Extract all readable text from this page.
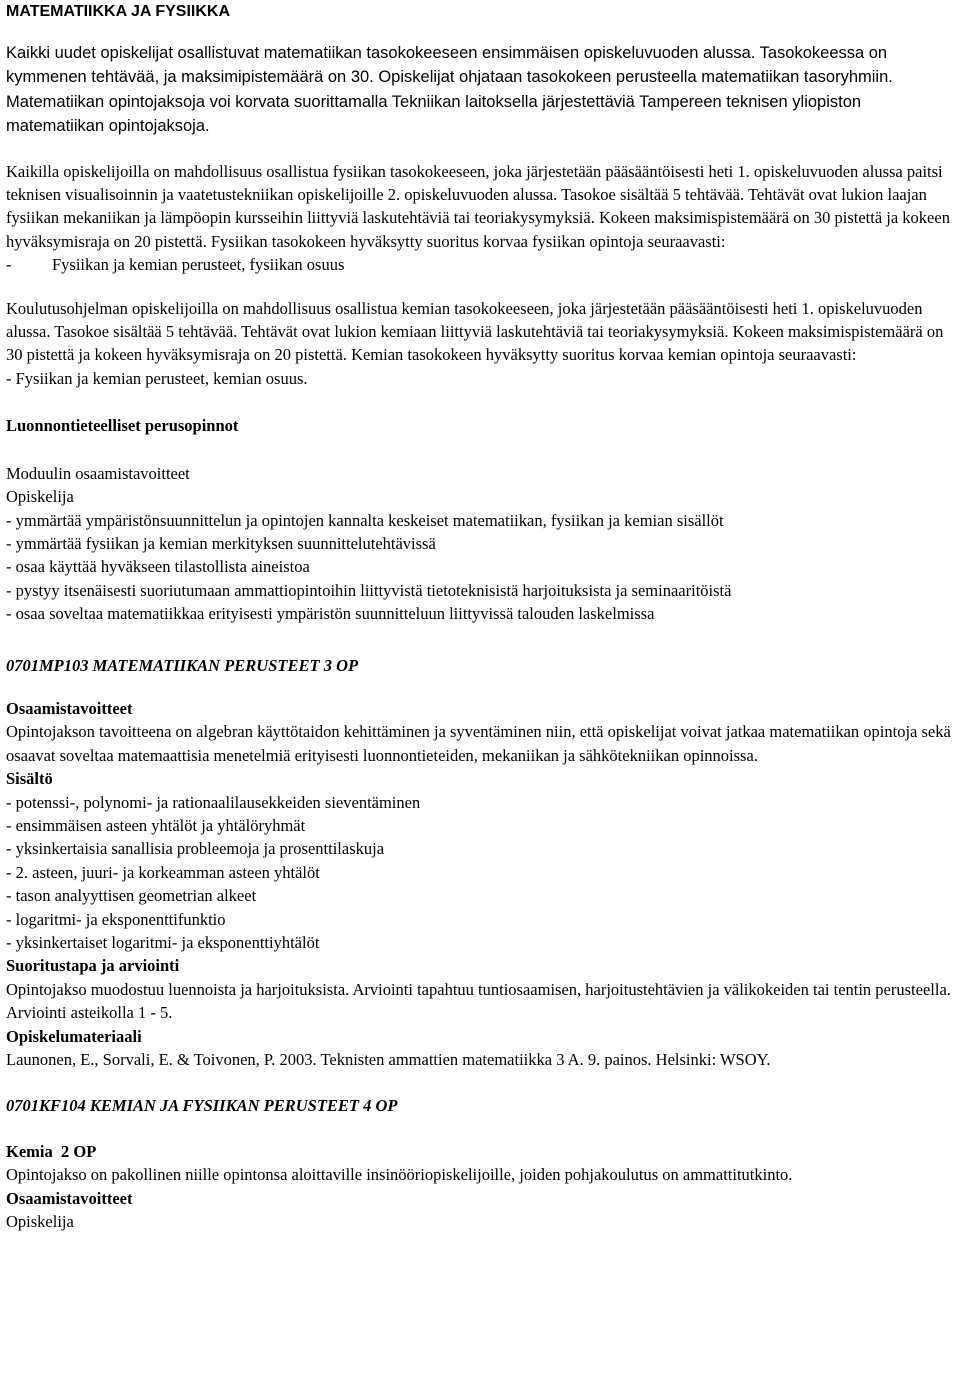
MATEMATIIKKA JA FYSIIKKA

Kaikki uudet opiskelijat osallistuvat matematiikan tasokokeeseen ensimmäisen opiskeluvuoden alussa. Tasokokeessa on kymmenen tehtävää, ja maksimipistemäärä on 30. Opiskelijat ohjataan tasokokeen perusteella matematiikan tasoryhmiin. Matematiikan opintojaksoja voi korvata suorittamalla Tekniikan laitoksella järjestettäviä Tampereen teknisen yliopiston matematiikan opintojaksoja.

Kaikilla opiskelijoilla on mahdollisuus osallistua fysiikan tasokokeeseen, joka järjestetään pääsääntöisesti heti 1. opiskeluvuoden alussa paitsi teknisen visualisoinnin ja vaatetustekniikan opiskelijoille 2. opiskeluvuoden alussa. Tasokoe sisältää 5 tehtävää. Tehtävät ovat lukion laajan fysiikan mekaniikan ja lämpöopin kursseihin liittyviä laskutehtäviä tai teoriakysymyksiä. Kokeen maksimispistemäärä on 30 pistettä ja kokeen hyväksymisraja on 20 pistettä. Fysiikan tasokokeen hyväksytty suoritus korvaa fysiikan opintoja seuraavasti:

-	Fysiikan ja kemian perusteet, fysiikan osuus

Koulutusohjelman opiskelijoilla on mahdollisuus osallistua kemian tasokokeeseen, joka järjestetään pääsääntöisesti heti 1. opiskeluvuoden alussa. Tasokoe sisältää 5 tehtävää. Tehtävät ovat lukion kemiaan liittyviä laskutehtäviä tai teoriakysymyksiä. Kokeen maksimispistemäärä on 30 pistettä ja kokeen hyväksymisraja on 20 pistettä. Kemian tasokokeen hyväksytty suoritus korvaa kemian opintoja seuraavasti:

- Fysiikan ja kemian perusteet, kemian osuus.

Luonnontieteelliset perusopinnot

Moduulin osaamistavoitteet

Opiskelija

- ymmärtää ympäristönsuunnittelun ja opintojen kannalta keskeiset matematiikan, fysiikan ja kemian sisällöt

- ymmärtää fysiikan ja kemian merkityksen suunnittelutehtävissä

- osaa käyttää hyväkseen tilastollista aineistoa

- pystyy itsenäisesti suoriutumaan ammattiopintoihin liittyvistä tietoteknisistä harjoituksista ja seminaaritöistä

- osaa soveltaa matematiikkaa erityisesti ympäristön suunnitteluun liittyvissä talouden laskelmissa

0701MP103 MATEMATIIKAN PERUSTEET 3 OP

Osaamistavoitteet

Opintojakson tavoitteena on algebran käyttötaidon kehittäminen ja syventäminen niin, että opiskelijat voivat jatkaa matematiikan opintoja sekä osaavat soveltaa matemaattisia menetelmiä erityisesti luonnontieteiden, mekaniikan ja sähkötekniikan opinnoissa.

Sisältö

- potenssi-, polynomi- ja rationaalilausekkeiden sieventäminen

- ensimmäisen asteen yhtälöt ja yhtälöryhmät

- yksinkertaisia sanallisia probleemoja ja prosenttilaskuja

- 2. asteen, juuri- ja korkeamman asteen yhtälöt

- tason analyyttisen geometrian alkeet

- logaritmi- ja eksponenttifunktio

- yksinkertaiset logaritmi- ja eksponenttiyhtälöt

Suoritustapa ja arviointi

Opintojakso muodostuu luennoista ja harjoituksista. Arviointi tapahtuu tuntiosaamisen, harjoitustehtävien ja välikokeiden tai tentin perusteella.

Arviointi asteikolla 1 - 5.

Opiskelumateriaali

Launonen, E., Sorvali, E. & Toivonen, P. 2003. Teknisten ammattien matematiikka 3 A. 9. painos. Helsinki: WSOY.

0701KF104 KEMIAN JA FYSIIKAN PERUSTEET 4 OP

Kemia  2 OP

Opintojakso on pakollinen niille opintonsa aloittaville insinööriopiskelijoille, joiden pohjakoulutus on ammattitutkinto.

Osaamistavoitteet

Opiskelija
